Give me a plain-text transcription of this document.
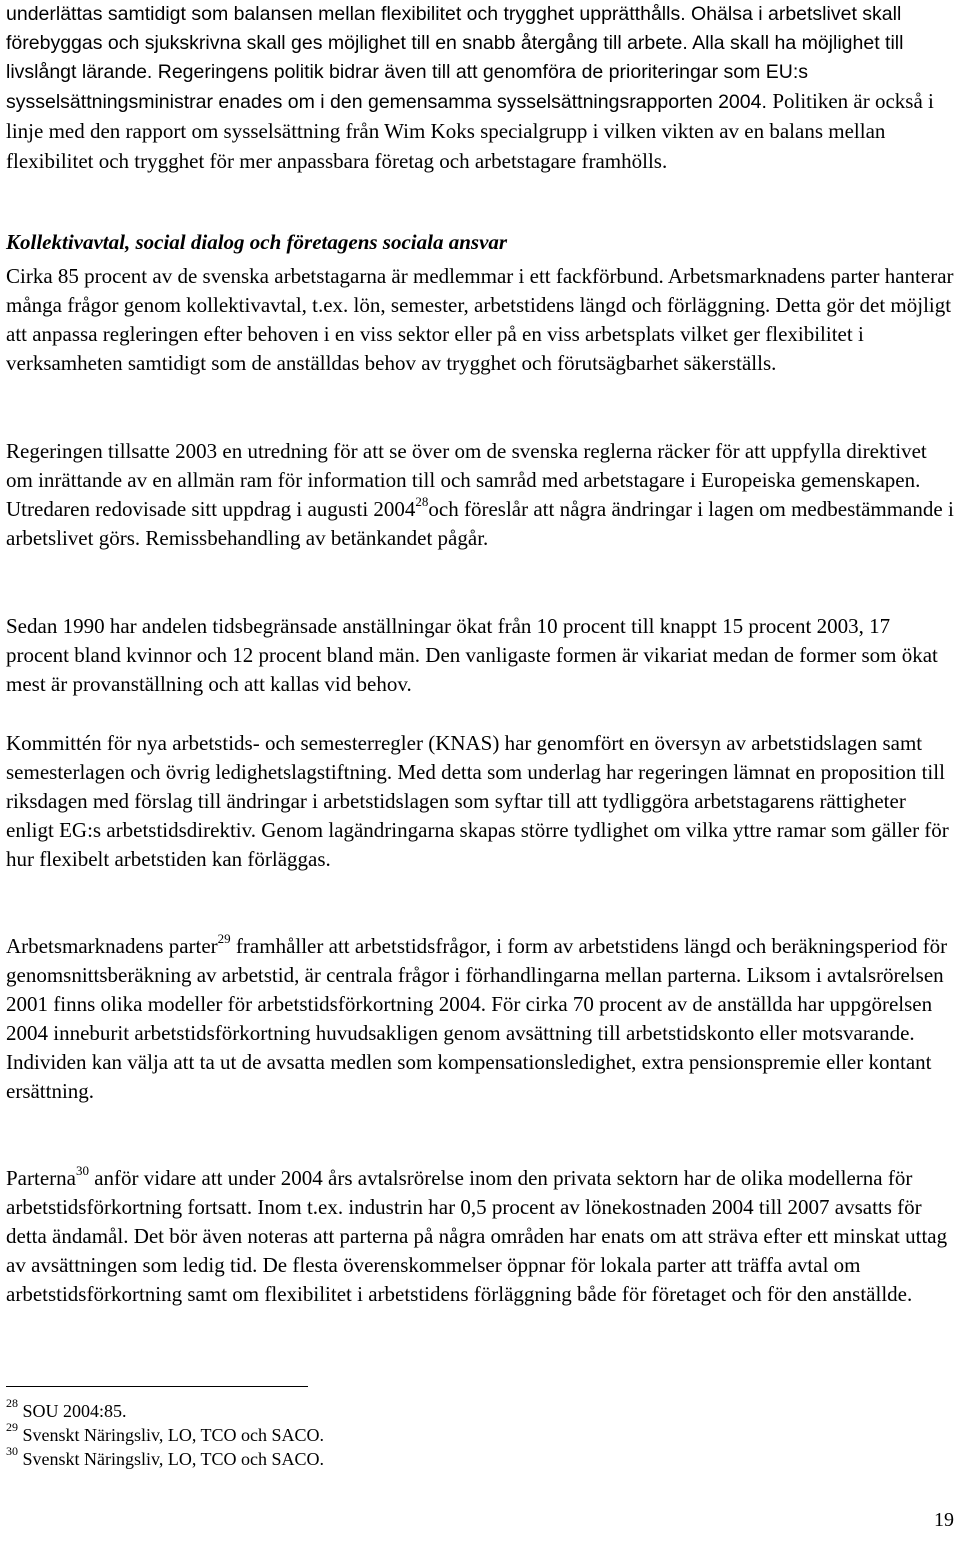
underlättas samtidigt som balansen mellan flexibilitet och trygghet upprätthålls. Ohälsa i arbetslivet skall förebyggas och sjukskrivna skall ges möjlighet till en snabb återgång till arbete. Alla skall ha möjlighet till livslångt lärande. Regeringens politik bidrar även till att genomföra de prioriteringar som EU:s sysselsättningsministrar enades om i den gemensamma sysselsättningsrapporten 2004. Politiken är också i linje med den rapport om sysselsättning från Wim Koks specialgrupp i vilken vikten av en balans mellan flexibilitet och trygghet för mer anpassbara företag och arbetstagare framhölls.
Kollektivavtal, social dialog och företagens sociala ansvar
Cirka 85 procent av de svenska arbetstagarna är medlemmar i ett fackförbund. Arbetsmarknadens parter hanterar många frågor genom kollektivavtal, t.ex. lön, semester, arbetstidens längd och förläggning. Detta gör det möjligt att anpassa regleringen efter behoven i en viss sektor eller på en viss arbetsplats vilket ger flexibilitet i verksamheten samtidigt som de anställdas behov av trygghet och förutsägbarhet säkerställs.
Regeringen tillsatte 2003 en utredning för att se över om de svenska reglerna räcker för att uppfylla direktivet om inrättande av en allmän ram för information till och samråd med arbetstagare i Europeiska gemenskapen. Utredaren redovisade sitt uppdrag i augusti 2004$^{28}$och föreslår att några ändringar i lagen om medbestämmande i arbetslivet görs. Remissbehandling av betänkandet pågår.
Sedan 1990 har andelen tidsbegränsade anställningar ökat från 10 procent till knappt 15 procent 2003, 17 procent bland kvinnor och 12 procent bland män. Den vanligaste formen är vikariat medan de former som ökat mest är provanställning och att kallas vid behov.
Kommittén för nya arbetstids- och semesterregler (KNAS) har genomfört en översyn av arbetstidslagen samt semesterlagen och övrig ledighetslagstiftning. Med detta som underlag har regeringen lämnat en proposition till riksdagen med förslag till ändringar i arbetstidslagen som syftar till att tydliggöra arbetstagarens rättigheter enligt EG:s arbetstidsdirektiv. Genom lagändringarna skapas större tydlighet om vilka yttre ramar som gäller för hur flexibelt arbetstiden kan förläggas.
Arbetsmarknadens parter$^{29}$ framhåller att arbetstidsfrågor, i form av arbetstidens längd och beräkningsperiod för genomsnittsberäkning av arbetstid, är centrala frågor i förhandlingarna mellan parterna. Liksom i avtalsrörelsen 2001 finns olika modeller för arbetstidsförkortning 2004. För cirka 70 procent av de anställda har uppgörelsen 2004 inneburit arbetstidsförkortning huvudsakligen genom avsättning till arbetstidskonto eller motsvarande. Individen kan välja att ta ut de avsatta medlen som kompensationsledighet, extra pensionspremie eller kontant ersättning.
Parterna$^{30}$ anför vidare att under 2004 års avtalsrörelse inom den privata sektorn har de olika modellerna för arbetstidsförkortning fortsatt. Inom t.ex. industrin har 0,5 procent av lönekostnaden 2004 till 2007 avsatts för detta ändamål. Det bör även noteras att parterna på några områden har enats om att sträva efter ett minskat uttag av avsättningen som ledig tid. De flesta överenskommelser öppnar för lokala parter att träffa avtal om arbetstidsförkortning samt om flexibilitet i arbetstidens förläggning både för företaget och för den anställde.
$^{28}$ SOU 2004:85.
$^{29}$ Svenskt Näringsliv, LO, TCO och SACO.
$^{30}$ Svenskt Näringsliv, LO, TCO och SACO.
19
